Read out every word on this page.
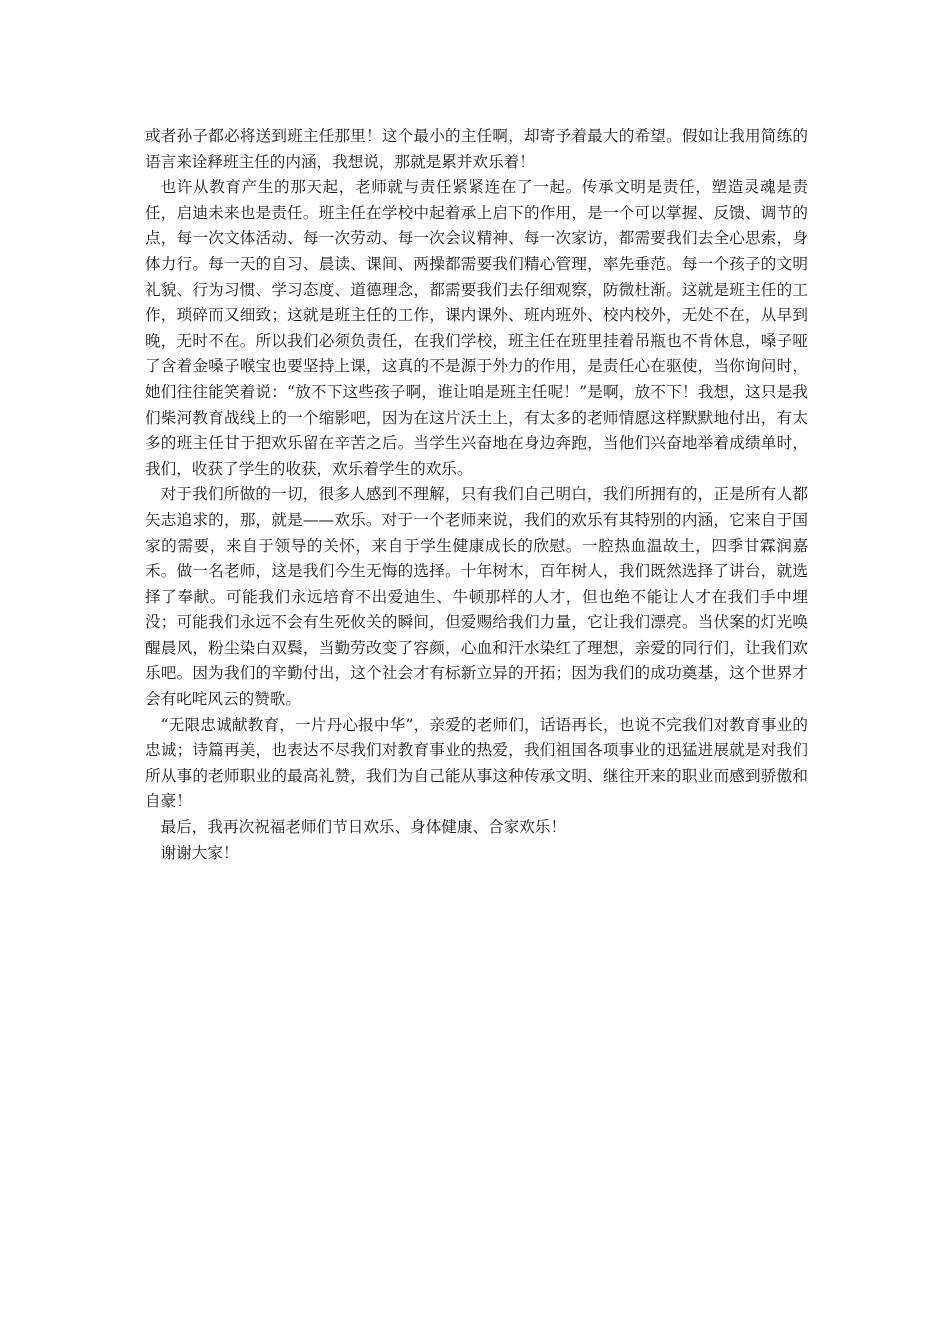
或者孙子都必将送到班主任那里！这个最小的主任啊，却寄予着最大的希望。假如让我用简练的语言来诠释班主任的内涵，我想说，那就是累并欢乐着！

也许从教育产生的那天起，老师就与责任紧紧连在了一起。传承文明是责任，塑造灵魂是责任，启迪未来也是责任。班主任在学校中起着承上启下的作用，是一个可以掌握、反馈、调节的点，每一次文体活动、每一次劳动、每一次会议精神、每一次家访，都需要我们去全心思索，身体力行。每一天的自习、晨读、课间、两操都需要我们精心管理，率先垂范。每一个孩子的文明礼貌、行为习惯、学习态度、道德理念，都需要我们去仔细观察，防微杜渐。这就是班主任的工作，琐碎而又细致；这就是班主任的工作，课内课外、班内班外、校内校外，无处不在，从早到晚，无时不在。所以我们必须负责任，在我们学校，班主任在班里挂着吊瓶也不肯休息，嗓子哑了含着金嗓子喉宝也要坚持上课，这真的不是源于外力的作用，是责任心在驱使，当你询问时，她们往往能笑着说：“放不下这些孩子啊，谁让咱是班主任呢！”是啊，放不下！我想，这只是我们柴河教育战线上的一个缩影吧，因为在这片沃土上，有太多的老师情愿这样默默地付出，有太多的班主任甘于把欢乐留在辛苦之后。当学生兴奋地在身边奔跑，当他们兴奋地举着成绩单时，我们，收获了学生的收获，欢乐着学生的欢乐。

对于我们所做的一切，很多人感到不理解，只有我们自己明白，我们所拥有的，正是所有人都矢志追求的，那，就是——欢乐。对于一个老师来说，我们的欢乐有其特别的内涵，它来自于国家的需要，来自于领导的关怀，来自于学生健康成长的欣慰。一腔热血温故土，四季甘霖润嘉禾。做一名老师，这是我们今生无悔的选择。十年树木，百年树人，我们既然选择了讲台，就选择了奉献。可能我们永远培育不出爱迪生、牛顿那样的人才，但也绝不能让人才在我们手中埋没；可能我们永远不会有生死攸关的瞬间，但爱赐给我们力量，它让我们漂亮。当伏案的灯光唤醒晨风，粉尘染白双鬓，当勤劳改变了容颜，心血和汗水染红了理想，亲爱的同行们，让我们欢乐吧。因为我们的辛勤付出，这个社会才有标新立异的开拓；因为我们的成功奠基，这个世界才会有叱咤风云的赞歌。

“无限忠诚献教育，一片丹心报中华”，亲爱的老师们，话语再长，也说不完我们对教育事业的忠诚；诗篇再美，也表达不尽我们对教育事业的热爱，我们祖国各项事业的迅猛进展就是对我们所从事的老师职业的最高礼赞，我们为自己能从事这种传承文明、继往开来的职业而感到骄傲和自豪！

最后，我再次祝福老师们节日欢乐、身体健康、合家欢乐！

谢谢大家！
